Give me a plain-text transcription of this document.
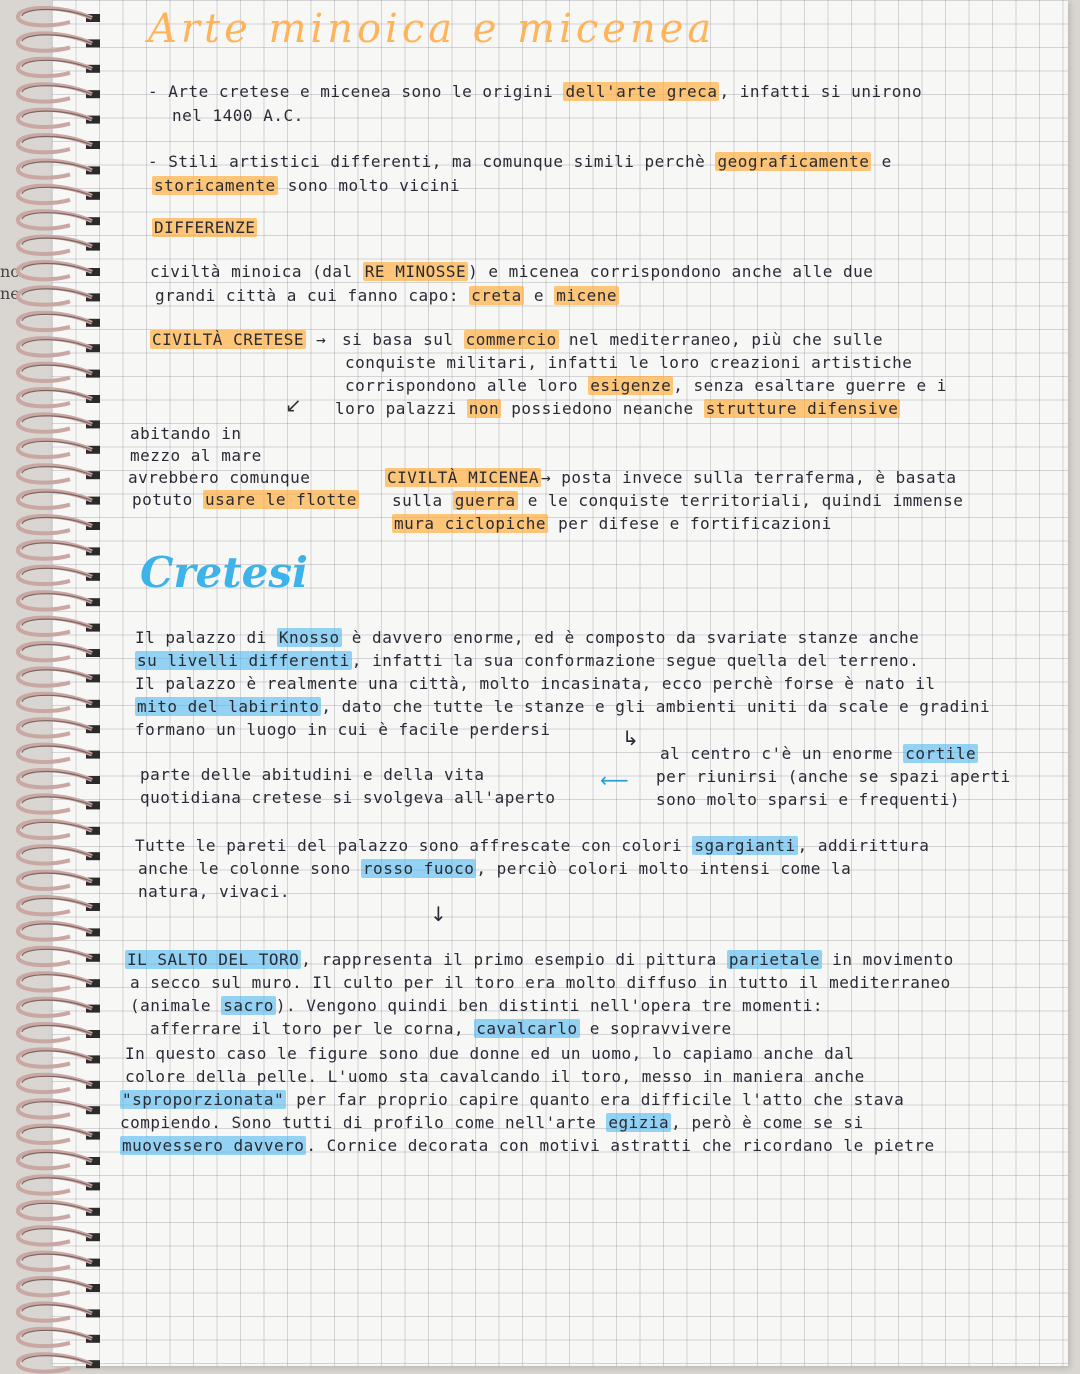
no
ne
Arte minoica e micenea
- Arte cretese e micenea sono le origini dell'arte greca , infatti si unirono
nel 1400 A.C.
- Stili artistici differenti, ma comunque simili perchè geograficamente e
storicamente sono molto vicini
DIFFERENZE
civiltà minoica (dal RE MINOSSE ) e micenea corrispondono anche alle due
grandi città a cui fanno capo: creta e micene
CIVILTÀ CRETESE → si basa sul commercio nel mediterraneo, più che sulle
conquiste militari, infatti le loro creazioni artistiche
corrispondono alle loro esigenze , senza esaltare guerre e i
loro palazzi non possiedono neanche strutture difensive
↙
abitando in
mezzo al mare
avrebbero comunque
potuto usare le flotte
CIVILTÀ MICENEA → posta invece sulla terraferma, è basata
sulla guerra e le conquiste territoriali, quindi immense
mura ciclopiche per difese e fortificazioni
Cretesi
Il palazzo di Knosso è davvero enorme, ed è composto da svariate stanze anche
su livelli differenti , infatti la sua conformazione segue quella del terreno.
Il palazzo è realmente una città, molto incasinata, ecco perchè forse è nato il
mito del labirinto , dato che tutte le stanze e gli ambienti uniti da scale e gradini
formano un luogo in cui è facile perdersi	↳
al centro c'è un enorme cortile
per riunirsi (anche se spazi aperti
sono molto sparsi e frequenti)
parte delle abitudini e della vita
quotidiana cretese si svolgeva all'aperto
⟵
Tutte le pareti del palazzo sono affrescate con colori sgargianti , addirittura
anche le colonne sono rosso fuoco , perciò colori molto intensi come la
natura, vivaci.
↓
IL SALTO DEL TORO , rappresenta il primo esempio di pittura parietale in movimento
a secco sul muro. Il culto per il toro era molto diffuso in tutto il mediterraneo
(animale sacro ). Vengono quindi ben distinti nell'opera tre momenti:
afferrare il toro per le corna, cavalcarlo e sopravvivere
In questo caso le figure sono due donne ed un uomo, lo capiamo anche dal
colore della pelle. L'uomo sta cavalcando il toro, messo in maniera anche
"sproporzionata" per far proprio capire quanto era difficile l'atto che stava
compiendo. Sono tutti di profilo come nell'arte egizia , però è come se si
muovessero davvero . Cornice decorata con motivi astratti che ricordano le pietre
